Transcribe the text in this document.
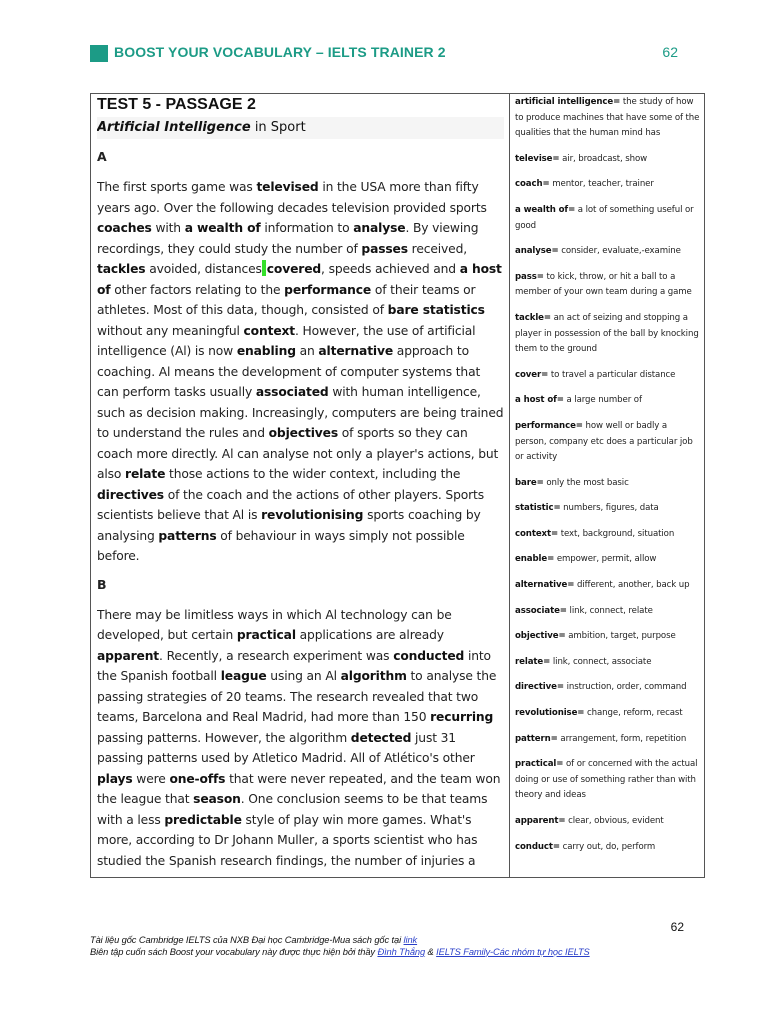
BOOST YOUR VOCABULARY – IELTS TRAINER 2	62
TEST 5 - PASSAGE 2
Artificial Intelligence in Sport
A

The first sports game was televised in the USA more than fifty years ago. Over the following decades television provided sports coaches with a wealth of information to analyse. By viewing recordings, they could study the number of passes received, tackles avoided, distances covered, speeds achieved and a host of other factors relating to the performance of their teams or athletes. Most of this data, though, consisted of bare statistics without any meaningful context. However, the use of artificial intelligence (Al) is now enabling an alternative approach to coaching. Al means the development of computer systems that can perform tasks usually associated with human intelligence, such as decision making. Increasingly, computers are being trained to understand the rules and objectives of sports so they can coach more directly. Al can analyse not only a player's actions, but also relate those actions to the wider context, including the directives of the coach and the actions of other players. Sports scientists believe that Al is revolutionising sports coaching by analysing patterns of behaviour in ways simply not possible before.

B

There may be limitless ways in which Al technology can be developed, but certain practical applications are already apparent. Recently, a research experiment was conducted into the Spanish football league using an Al algorithm to analyse the passing strategies of 20 teams. The research revealed that two teams, Barcelona and Real Madrid, had more than 150 recurring passing patterns. However, the algorithm detected just 31 passing patterns used by Atletico Madrid. All of Atlético's other plays were one-offs that were never repeated, and the team won the league that season. One conclusion seems to be that teams with a less predictable style of play win more games. What's more, according to Dr Johann Muller, a sports scientist who has studied the Spanish research findings, the number of injuries a

artificial intelligence= the study of how to produce machines that have some of the qualities that the human mind has
televise= air, broadcast, show
coach= mentor, teacher, trainer
a wealth of= a lot of something useful or good
analyse= consider, evaluate,-examine
pass= to kick, throw, or hit a ball to a member of your own team during a game
tackle= an act of seizing and stopping a player in possession of the ball by knocking them to the ground
cover= to travel a particular distance
a host of= a large number of
performance= how well or badly a person, company etc does a particular job or activity
bare= only the most basic
statistic= numbers, figures, data
context= text, background, situation
enable= empower, permit, allow
alternative= different, another, back up
associate= link, connect, relate
objective= ambition, target, purpose
relate= link, connect, associate
directive= instruction, order, command
revolutionise= change, reform, recast
pattern= arrangement, form, repetition
practical= of or concerned with the actual doing or use of something rather than with theory and ideas
apparent= clear, obvious, evident
conduct= carry out, do, perform
62
Tài liệu gốc Cambridge IELTS của NXB Đại học Cambridge-Mua sách gốc tại link
Biên tập cuốn sách Boost your vocabulary này được thực hiện bởi thầy Đình Thắng & IELTS Family-Các nhóm tự học IELTS
